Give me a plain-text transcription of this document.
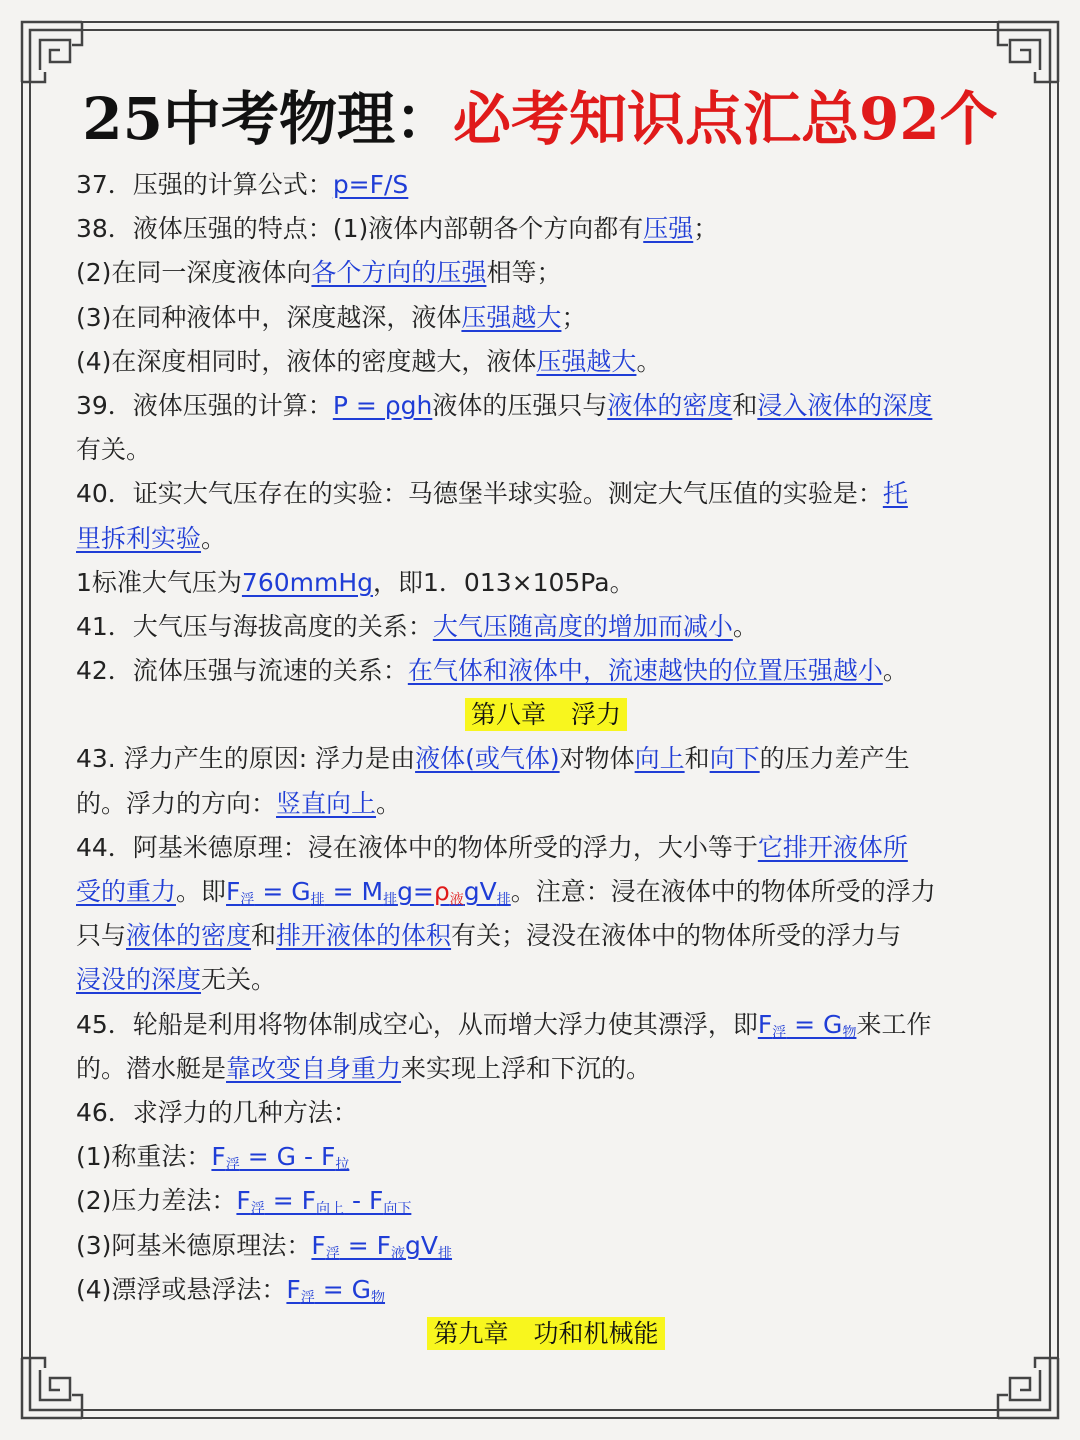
25中考物理：必考知识点汇总92个
37．压强的计算公式：p=F/S
38．液体压强的特点：(1)液体内部朝各个方向都有压强；
(2)在同一深度液体向各个方向的压强相等；
(3)在同种液体中，深度越深，液体压强越大；
(4)在深度相同时，液体的密度越大，液体压强越大。
39．液体压强的计算：P = ρgh液体的压强只与液体的密度和浸入液体的深度
有关。
40．证实大气压存在的实验：马德堡半球实验。测定大气压值的实验是：托
里拆利实验。
1标准大气压为760mmHg，即1．013×105Pa。
41．大气压与海拔高度的关系：大气压随高度的增加而减小。
42．流体压强与流速的关系：在气体和液体中，流速越快的位置压强越小。
第八章　浮力
43. 浮力产生的原因: 浮力是由液体(或气体)对物体向上和向下的压力差产生
的。浮力的方向：竖直向上。
44．阿基米德原理：浸在液体中的物体所受的浮力，大小等于它排开液体所
受的重力。即$F_浮 = G_排 = M_排g=\rho_液gV_排$。注意：浸在液体中的物体所受的浮力
只与液体的密度和排开液体的体积有关；浸没在液体中的物体所受的浮力与
浸没的深度无关。
45．轮船是利用将物体制成空心，从而增大浮力使其漂浮，即$F_浮 = G_物$来工作
的。潜水艇是靠改变自身重力来实现上浮和下沉的。
46．求浮力的几种方法：
(1)称重法：$F_浮 = G - F_拉$
(2)压力差法：$F_浮 = F_{向上} - F_{向下}$
(3)阿基米德原理法：$F_浮 = F_液gV_排$
(4)漂浮或悬浮法：$F_浮 = G_物$
第九章　功和机械能
